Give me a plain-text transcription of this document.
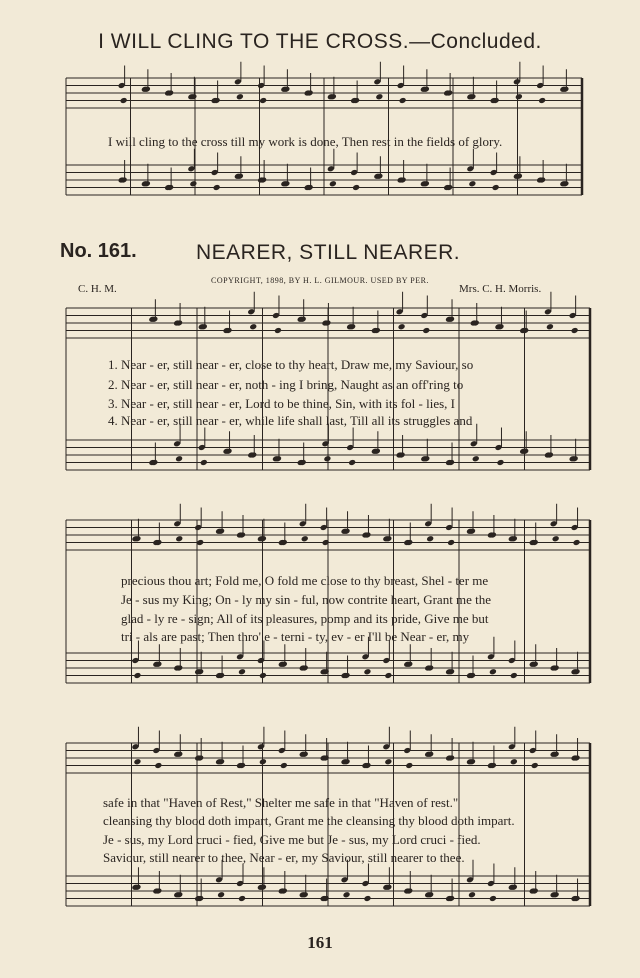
I WILL CLING TO THE CROSS.—Concluded.
I will cling to the cross till my work is done, Then rest in the fields of glory.
No. 161.	NEARER, STILL NEARER.
COPYRIGHT, 1898, BY H. L. GILMOUR. USED BY PER.
C. H. M.	Mrs. C. H. Morris.
1. Near - er, still near - er, close to thy heart, Draw me, my Saviour, so
2. Near - er, still near - er, noth - ing I bring, Naught as an off'ring to
3. Near - er, still near - er, Lord to be thine, Sin, with its fol - lies, I
4. Near - er, still near - er, while life shall last, Till all its struggles and
precious thou art; Fold me, O fold me close to thy breast, Shel - ter me
Je - sus my King; On - ly my sin - ful, now contrite heart, Grant me the
glad - ly re - sign; All of its pleasures, pomp and its pride, Give me but
tri - als are past; Then thro' e - terni - ty, ev - er I'll be Near - er, my
safe in that "Haven of Rest," Shelter me safe in that "Haven of rest."
cleansing thy blood doth impart, Grant me the cleansing thy blood doth impart.
Je - sus, my Lord cruci - fied, Give me but Je - sus, my Lord cruci - fied.
Saviour, still nearer to thee, Near - er, my Saviour, still nearer to thee.
161
